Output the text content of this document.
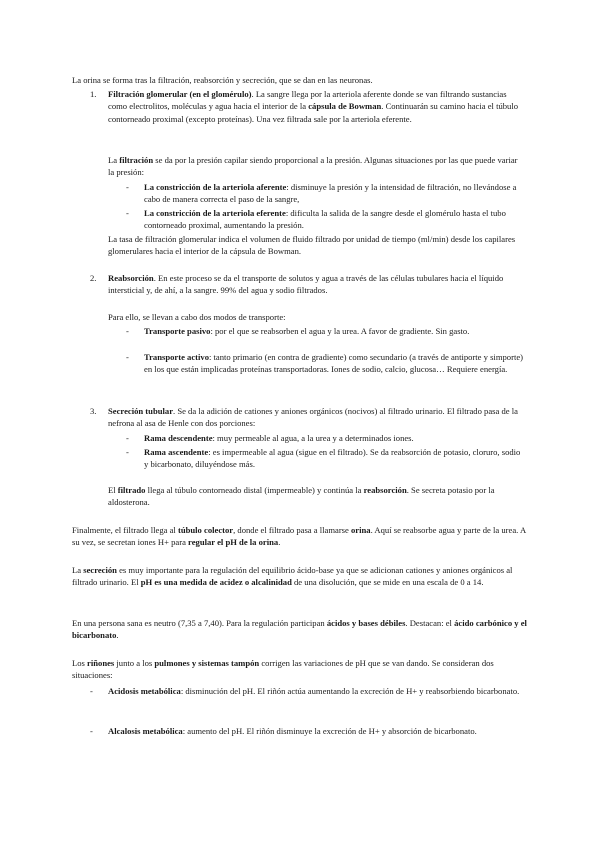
La orina se forma tras la filtración, reabsorción y secreción, que se dan en las neuronas.

1. Filtración glomerular (en el glomérulo). La sangre llega por la arteriola aferente donde se van filtrando sustancias como electrolitos, moléculas y agua hacia el interior de la cápsula de Bowman. Continuarán su camino hacia el túbulo contorneado proximal (excepto proteínas). Una vez filtrada sale por la arteriola eferente.

La filtración se da por la presión capilar siendo proporcional a la presión. Algunas situaciones por las que puede variar la presión:

- La constricción de la arteriola aferente: disminuye la presión y la intensidad de filtración, no llevándose a cabo de manera correcta el paso de la sangre,

- La constricción de la arteriola eferente: dificulta la salida de la sangre desde el glomérulo hasta el tubo contorneado proximal, aumentando la presión.

La tasa de filtración glomerular indica el volumen de fluido filtrado por unidad de tiempo (ml/min) desde los capilares glomerulares hacia el interior de la cápsula de Bowman.

2. Reabsorción. En este proceso se da el transporte de solutos y agua a través de las células tubulares hacia el líquido intersticial y, de ahí, a la sangre. 99% del agua y sodio filtrados.

Para ello, se llevan a cabo dos modos de transporte:

- Transporte pasivo: por el que se reabsorben el agua y la urea. A favor de gradiente. Sin gasto.

- Transporte activo: tanto primario (en contra de gradiente) como secundario (a través de antiporte y simporte) en los que están implicadas proteínas transportadoras. Iones de sodio, calcio, glucosa… Requiere energía.

3. Secreción tubular. Se da la adición de cationes y aniones orgánicos (nocivos) al filtrado urinario. El filtrado pasa de la nefrona al asa de Henle con dos porciones:

- Rama descendente: muy permeable al agua, a la urea y a determinados iones.

- Rama ascendente: es impermeable al agua (sigue en el filtrado). Se da reabsorción de potasio, cloruro, sodio y bicarbonato, diluyéndose más.

El filtrado llega al túbulo contorneado distal (impermeable) y continúa la reabsorción. Se secreta potasio por la aldosterona.

Finalmente, el filtrado llega al túbulo colector, donde el filtrado pasa a llamarse orina. Aquí se reabsorbe agua y parte de la urea. A su vez, se secretan iones H+ para regular el pH de la orina.

La secreción es muy importante para la regulación del equilibrio ácido-base ya que se adicionan cationes y aniones orgánicos al filtrado urinario. El pH es una medida de acidez o alcalinidad de una disolución, que se mide en una escala de 0 a 14.

En una persona sana es neutro (7,35 a 7,40). Para la regulación participan ácidos y bases débiles. Destacan: el ácido carbónico y el bicarbonato.

Los riñones junto a los pulmones y sistemas tampón corrigen las variaciones de pH que se van dando. Se consideran dos situaciones:

- Acidosis metabólica: disminución del pH. El riñón actúa aumentando la excreción de H+ y reabsorbiendo bicarbonato.

- Alcalosis metabólica: aumento del pH. El riñón disminuye la excreción de H+ y absorción de bicarbonato.
